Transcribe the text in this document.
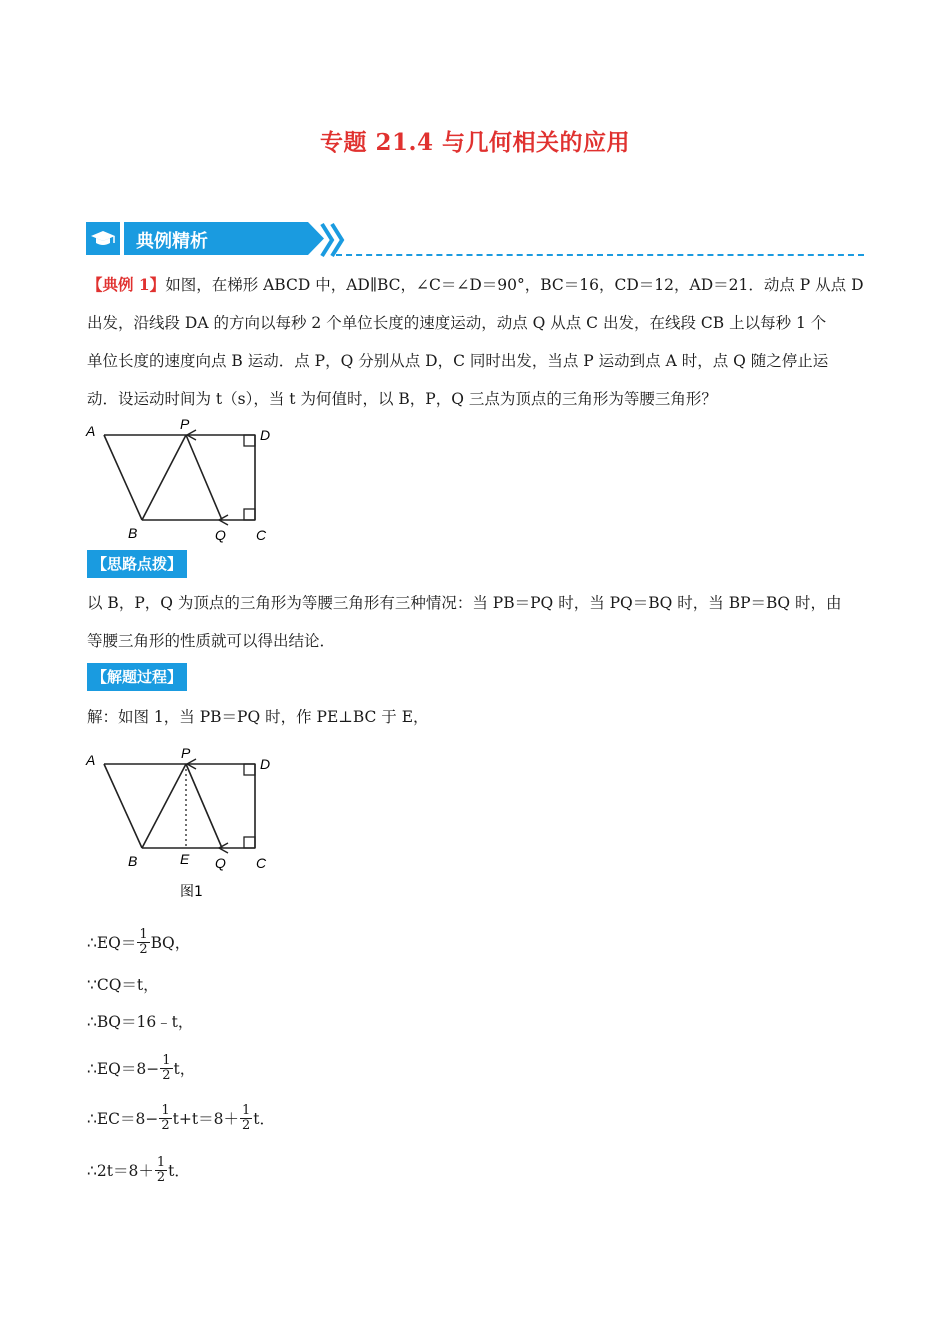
专题 21.4 与几何相关的应用
典例精析
【典例 1】如图，在梯形 ABCD 中，AD∥BC，∠C＝∠D＝90°，BC＝16，CD＝12，AD＝21．动点 P 从点 D
出发，沿线段 DA 的方向以每秒 2 个单位长度的速度运动，动点 Q 从点 C 出发，在线段 CB 上以每秒 1 个
单位长度的速度向点 B 运动．点 P，Q 分别从点 D，C 同时出发，当点 P 运动到点 A 时，点 Q 随之停止运
动．设运动时间为 t（s），当 t 为何值时，以 B，P，Q 三点为顶点的三角形为等腰三角形？
A	P
D
B	Q C
【思路点拨】
以 B，P，Q 为顶点的三角形为等腰三角形有三种情况：当 PB＝PQ 时，当 PQ＝BQ 时，当 BP＝BQ 时，由
等腰三角形的性质就可以得出结论．
【解题过程】
解：如图 1，当 PB＝PQ 时，作 PE⊥BC 于 E，
A	P
D
B	E Q C
图1
∴EQ＝ $\frac{1}{2}$ BQ，
∵CQ＝t，
∴BQ＝16﹣t，
∴EQ＝8− $\frac{1}{2}$ t，
∴EC＝8− $\frac{1}{2} t+t=8+ \frac{1}{2}$ t．
∴2t＝8＋ $\frac{1}{2}$ t．
